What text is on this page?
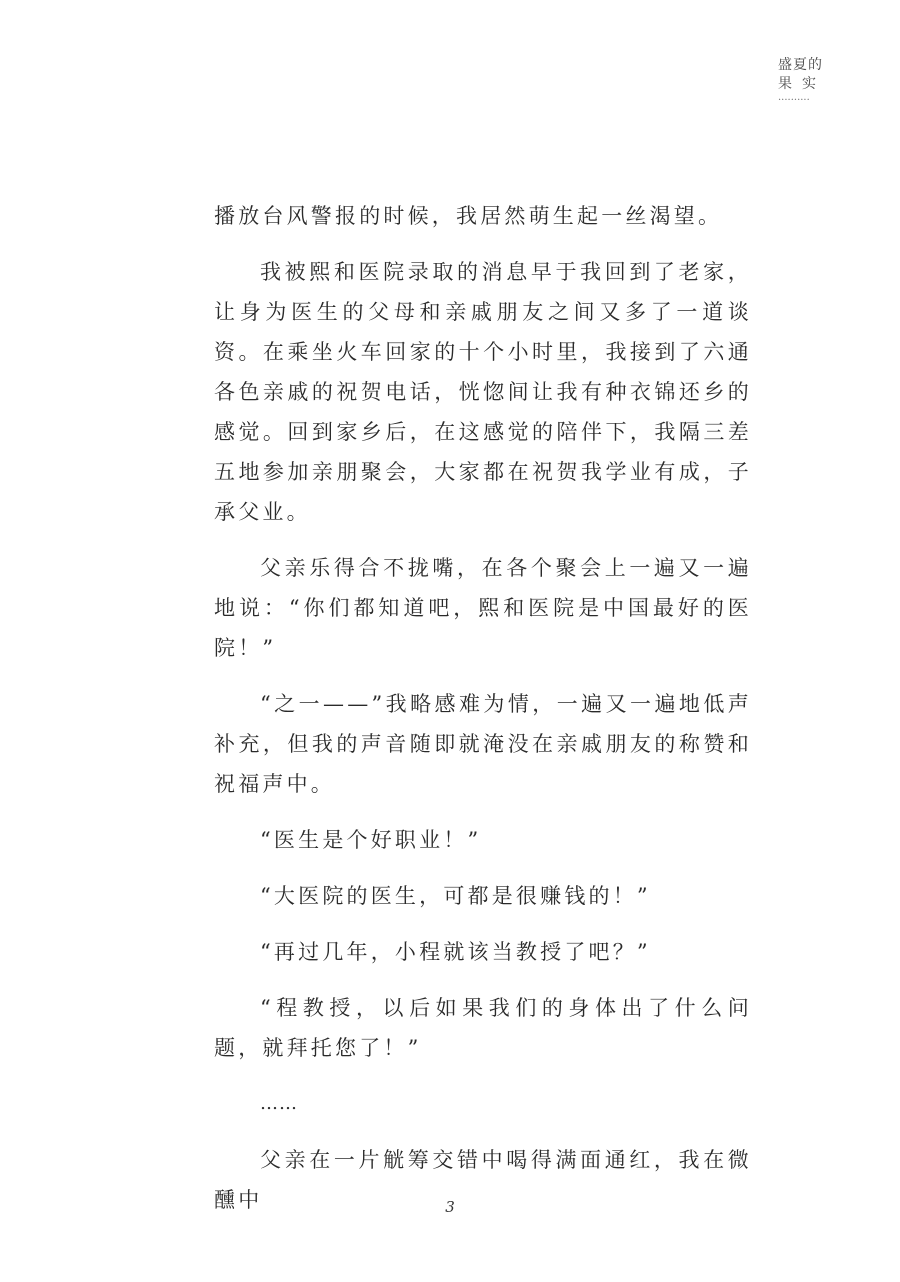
盛夏的
果实
··········

播放台风警报的时候，我居然萌生起一丝渴望。

我被熙和医院录取的消息早于我回到了老家，让身为医生的父母和亲戚朋友之间又多了一道谈资。在乘坐火车回家的十个小时里，我接到了六通各色亲戚的祝贺电话，恍惚间让我有种衣锦还乡的感觉。回到家乡后，在这感觉的陪伴下，我隔三差五地参加亲朋聚会，大家都在祝贺我学业有成，子承父业。

父亲乐得合不拢嘴，在各个聚会上一遍又一遍地说：“你们都知道吧，熙和医院是中国最好的医院！”

“之一——”我略感难为情，一遍又一遍地低声补充，但我的声音随即就淹没在亲戚朋友的称赞和祝福声中。

“医生是个好职业！”

“大医院的医生，可都是很赚钱的！”

“再过几年，小程就该当教授了吧？”

“程教授，以后如果我们的身体出了什么问题，就拜托您了！”

……

父亲在一片觥筹交错中喝得满面通红，我在微醺中	3
